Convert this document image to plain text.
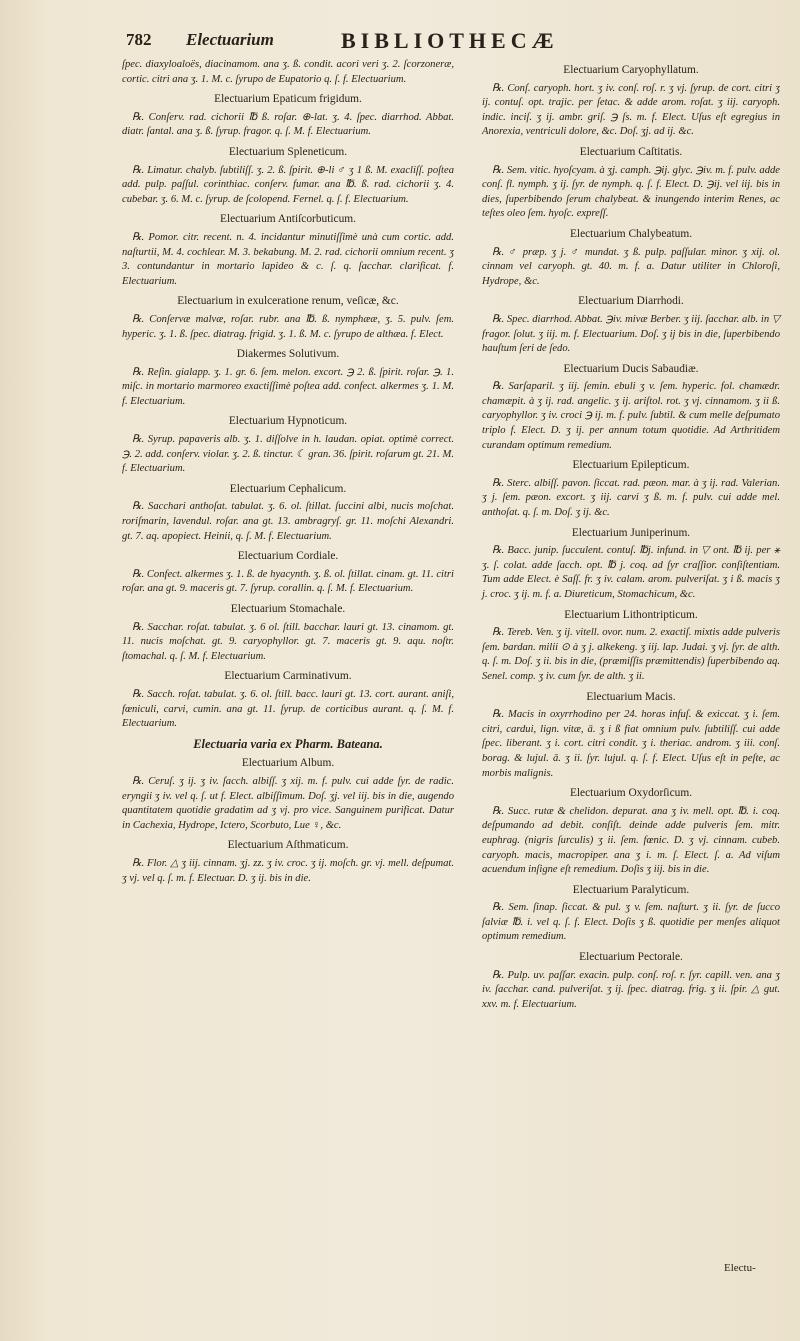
782 Electuarium	BIBLIOTHECÆ
ſpec. diaxyloaloës, diacinamom. ana ʒ. ß. condit. acori veri ʒ. 2. ſcorzoneræ, cortic. citri ana ʒ. 1. M. c. ſyrupo de Eupatorio q. ſ. f. Electuarium.
Electuarium Epaticum frigidum.
℞. Conſerv. rad. cichorii ℔ ß. roſar. ⊕-lat. ʒ. 4. ſpec. diarrhod. Abbat. diatr. ſantal. ana ʒ. ß. ſyrup. fragor. q. ſ. M. f. Electuarium.
Electuarium Spleneticum.
℞. Limatur. chalyb. ſubtiliſſ. ʒ. 2. ß. ſpirit. ⊕-li ♂ ʒ 1 ß. M. exacliſſ. poſtea add. pulp. paſſul. corinthiac. conſerv. fumar. ana ℔. ß. rad. cichorii ʒ. 4. cubebar. ʒ. 6. M. c. ſyrup. de ſcolopend. Fernel. q. ſ. f. Electuarium.
Electuarium Antiſcorbuticum.
℞. Pomor. citr. recent. n. 4. incidantur minutiſſimè unà cum cortic. add. naſturtii, M. 4. cochlear. M. 3. bekabung. M. 2. rad. cichorii omnium recent. ʒ 3. contundantur in mortario lapideo & c. ſ. q. ſacchar. clarificat. f. Electuarium.
Electuarium in exulceratione renum, veſicæ, &c.
℞. Conſervæ malvæ, roſar. rubr. ana ℔. ß. nymphææ, ʒ. 5. pulv. ſem. hyperic. ʒ. 1. ß. ſpec. diatrag. frigid. ʒ. 1. ß. M. c. ſyrupo de althæa. f. Elect.
Diakermes Solutivum.
℞. Reſin. gialapp. ʒ. 1. gr. 6. ſem. melon. excort. ℈ 2. ß. ſpirit. roſar. ℈. 1. miſc. in mortario marmoreo exactiſſimè poſtea add. confect. alkermes ʒ. 1. M. f. Electuarium.
Electuarium Hypnoticum.
℞. Syrup. papaveris alb. ʒ. 1. diſſolve in h. laudan. opiat. optimè correct. ℈. 2. add. conſerv. violar. ʒ. 2. ß. tinctur. ☾ gran. 36. ſpirit. roſarum gt. 21. M. f. Electuarium.
Electuarium Cephalicum.
℞. Sacchari anthoſat. tabulat. ʒ. 6. ol. ſtillat. ſuccini albi, nucis moſchat. roriſmarin, lavendul. roſar. ana gt. 13. ambragryſ. gr. 11. moſchi Alexandri. gt. 7. aq. apopiect. Heinii, q. ſ. M. f. Electuarium.
Electuarium Cordiale.
℞. Confect. alkermes ʒ. 1. ß. de hyacynth. ʒ. ß. ol. ſtillat. cinam. gt. 11. citri roſar. ana gt. 9. maceris gt. 7. ſyrup. corallin. q. ſ. M. f. Electuarium.
Electuarium Stomachale.
℞. Sacchar. roſat. tabulat. ʒ. 6 ol. ſtill. bacchar. lauri gt. 13. cinamom. gt. 11. nucis moſchat. gt. 9. caryophyllor. gt. 7. maceris gt. 9. aqu. noſtr. ſtomachal. q. ſ. M. f. Electuarium.
Electuarium Carminativum.
℞. Sacch. roſat. tabulat. ʒ. 6. ol. ſtill. bacc. lauri gt. 13. cort. aurant. aniſi, fœniculi, carvi, cumin. ana gt. 11. ſyrup. de corticibus aurant. q. ſ. M. f. Electuarium.
Electuaria varia ex Pharm. Bateana.
Electuarium Album.
℞. Ceruſ. ʒ ij. ʒ iv. ſacch. albiſſ. ʒ xij. m. f. pulv. cui adde ſyr. de radic. eryngii ʒ iv. vel q. ſ. ut f. Elect. albiſſimum. Doſ. ʒj. vel iij. bis in die, augendo quantitatem quotidie gradatim ad ʒ vj. pro vice. Sanguinem purificat. Datur in Cachexia, Hydrope, Ictero, Scorbuto, Lue ♀, &c.
Electuarium Aſthmaticum.
℞. Flor. △ ʒ iij. cinnam. ʒj. zz. ʒ iv. croc. ʒ ij. moſch. gr. vj. mell. deſpumat. ʒ vj. vel q. ſ. m. f. Electuar. D. ʒ ij. bis in die.
Electuarium Caryophyllatum.
℞. Conſ. caryoph. hort. ʒ iv. conſ. roſ. r. ʒ vj. ſyrup. de cort. citri ʒ ij. contuſ. opt. trajic. per ſetac. & adde arom. roſat. ʒ iij. caryoph. indic. inciſ. ʒ ij. ambr. griſ. ℈ ſs. m. f. Elect. Uſus eſt egregius in Anorexia, ventriculi dolore, &c. Doſ. ʒj. ad ij. &c.
Electuarium Caſtitatis.
℞. Sem. vitic. hyoſcyam. à ʒj. camph. ℈ij. glyc. ℈iv. m. f. pulv. adde conſ. fl. nymph. ʒ ij. ſyr. de nymph. q. ſ. f. Elect. D. ℈ij. vel iij. bis in dies, ſuperbibendo ſerum chalybeat. & inungendo interim Renes, ac teſtes oleo ſem. hyoſc. expreſſ.
Electuarium Chalybeatum.
℞. ♂ præp. ʒ j. ♂ mundat. ʒ ß. pulp. paſſular. minor. ʒ xij. ol. cinnam vel caryoph. gt. 40. m. f. a. Datur utiliter in Chloroſi, Hydrope, &c.
Electuarium Diarrhodi.
℞. Spec. diarrhod. Abbat. ℈iv. mivæ Berber. ʒ iij. ſacchar. alb. in ▽ fragor. ſolut. ʒ iij. m. f. Electuarium. Doſ. ʒ ij bis in die, ſuperbibendo hauſtum ſeri de ſedo.
Electuarium Ducis Sabaudiæ.
℞. Sarſaparil. ʒ iij. ſemin. ebuli ʒ v. ſem. hyperic. fol. chamædr. chamæpit. à ʒ ij. rad. angelic. ʒ ij. ariſtol. rot. ʒ vj. cinnamom. ʒ ii ß. caryophyllor. ʒ iv. croci ℈ ij. m. f. pulv. ſubtil. & cum melle deſpumato triplo f. Elect. D. ʒ ij. per annum totum quotidie. Ad Arthritidem curandam optimum remedium.
Electuarium Epilepticum.
℞. Sterc. albiſſ. pavon. ſiccat. rad. pæon. mar. à ʒ ij. rad. Valerian. ʒ j. ſem. pæon. excort. ʒ iij. carvi ʒ ß. m. f. pulv. cui adde mel. anthoſat. q. ſ. m. Doſ. ʒ ij. &c.
Electuarium Juniperinum.
℞. Bacc. junip. ſucculent. contuſ. ℔j. infund. in ▽ ont. ℔ ij. per ⚹ ʒ. ſ. colat. adde ſacch. opt. ℔ j. coq. ad ſyr craſſior. conſiſtentiam. Tum adde Elect. è Saſſ. fr. ʒ iv. calam. arom. pulveriſat. ʒ i ß. macis ʒ j. croc. ʒ ij. m. f. a. Diureticum, Stomachicum, &c.
Electuarium Lithontripticum.
℞. Tereb. Ven. ʒ ij. vitell. ovor. num. 2. exactiſ. mixtis adde pulveris ſem. bardan. milii ⊙ à ʒ j. alkekeng. ʒ iij. lap. Judai. ʒ vj. ſyr. de alth. q. ſ. m. Doſ. ʒ ii. bis in die, (præmiſſis præmittendis) ſuperbibendo aq. Senel. comp. ʒ iv. cum ſyr. de alth. ʒ ii.
Electuarium Macis.
℞. Macis in oxyrrhodino per 24. horas infuſ. & exiccat. ʒ i. ſem. citri, cardui, lign. vitæ, ā. ʒ i ß fiat omnium pulv. ſubtiliſſ. cui adde ſpec. liberant. ʒ i. cort. citri condit. ʒ i. theriac. androm. ʒ iii. conſ. borag. & lujul. ā. ʒ ii. ſyr. lujul. q. ſ. f. Elect. Uſus eſt in peſte, ac morbis malignis.
Electuarium Oxydorſicum.
℞. Succ. rutæ & chelidon. depurat. ana ʒ iv. mell. opt. ℔. i. coq. deſpumando ad debit. conſiſt. deinde adde pulveris ſem. mitr. euphrag. (nigris ſurculis) ʒ ii. ſem. fœnic. D. ʒ vj. cinnam. cubeb. caryoph. macis, macropiper. ana ʒ i. m. ſ. Elect. ſ. a. Ad viſum acuendum inſigne eſt remedium. Doſis ʒ iij. bis in die.
Electuarium Paralyticum.
℞. Sem. ſinap. ſiccat. & pul. ʒ v. ſem. naſturt. ʒ ii. ſyr. de ſucco ſalviæ ℔. i. vel q. ſ. f. Elect. Doſis ʒ ß. quotidie per menſes aliquot optimum remedium.
Electuarium Pectorale.
℞. Pulp. uv. paſſar. exacin. pulp. conſ. roſ. r. ſyr. capill. ven. ana ʒ iv. ſacchar. cand. pulveriſat. ʒ ij. ſpec. diatrag. frig. ʒ ii. ſpir. △ gut. xxv. m. f. Electuarium.
Electu-
